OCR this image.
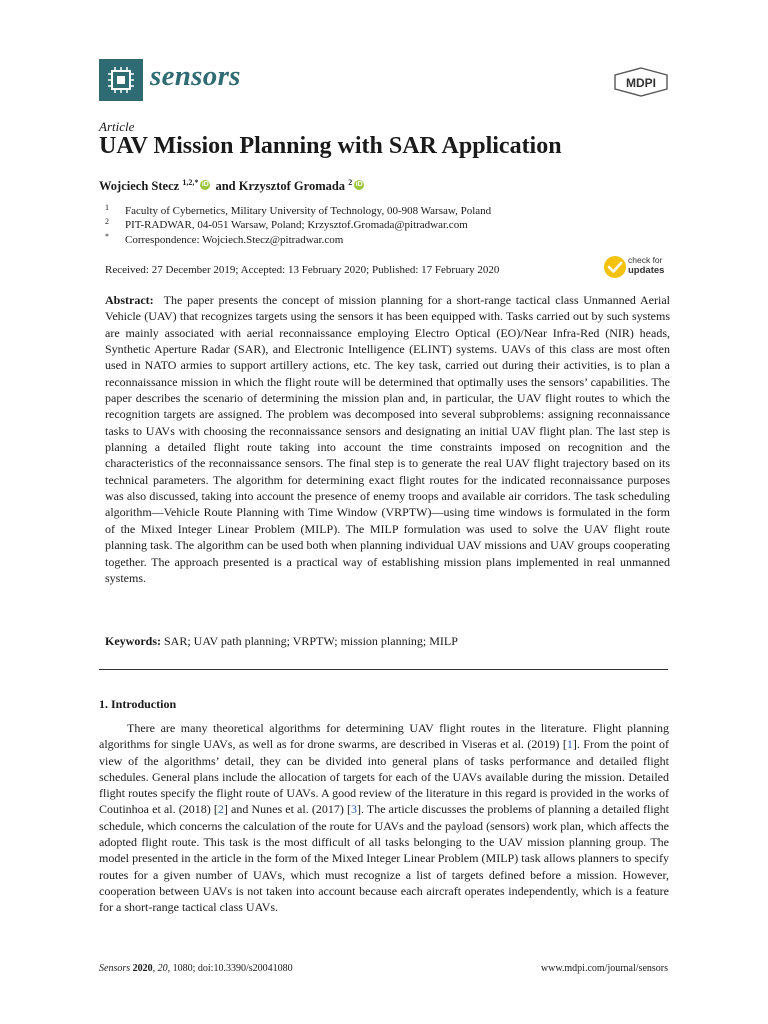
sensors	MDPI
Article
UAV Mission Planning with SAR Application
Wojciech Stecz $^{1,2,*}$ iD and Krzysztof Gromada $^2$ iD
1 Faculty of Cybernetics, Military University of Technology, 00-908 Warsaw, Poland
2 PIT-RADWAR, 04-051 Warsaw, Poland; Krzysztof.Gromada@pitradwar.com
* Correspondence: Wojciech.Stecz@pitradwar.com
Received: 27 December 2019; Accepted: 13 February 2020; Published: 17 February 2020
check for
updates

Abstract: The paper presents the concept of mission planning for a short-range tactical class Unmanned Aerial Vehicle (UAV) that recognizes targets using the sensors it has been equipped with. Tasks carried out by such systems are mainly associated with aerial reconnaissance employing Electro Optical (EO)/Near Infra-Red (NIR) heads, Synthetic Aperture Radar (SAR), and Electronic Intelligence (ELINT) systems. UAVs of this class are most often used in NATO armies to support artillery actions, etc. The key task, carried out during their activities, is to plan a reconnaissance mission in which the flight route will be determined that optimally uses the sensors’ capabilities. The paper describes the scenario of determining the mission plan and, in particular, the UAV flight routes to which the recognition targets are assigned. The problem was decomposed into several subproblems: assigning reconnaissance tasks to UAVs with choosing the reconnaissance sensors and designating an initial UAV flight plan. The last step is planning a detailed flight route taking into account the time constraints imposed on recognition and the characteristics of the reconnaissance sensors. The final step is to generate the real UAV flight trajectory based on its technical parameters. The algorithm for determining exact flight routes for the indicated reconnaissance purposes was also discussed, taking into account the presence of enemy troops and available air corridors. The task scheduling algorithm—Vehicle Route Planning with Time Window (VRPTW)—using time windows is formulated in the form of the Mixed Integer Linear Problem (MILP). The MILP formulation was used to solve the UAV flight route planning task. The algorithm can be used both when planning individual UAV missions and UAV groups cooperating together. The approach presented is a practical way of establishing mission plans implemented in real unmanned systems.

Keywords: SAR; UAV path planning; VRPTW; mission planning; MILP
1. Introduction

There are many theoretical algorithms for determining UAV flight routes in the literature. Flight planning algorithms for single UAVs, as well as for drone swarms, are described in Viseras et al. (2019) [1]. From the point of view of the algorithms’ detail, they can be divided into general plans of tasks performance and detailed flight schedules. General plans include the allocation of targets for each of the UAVs available during the mission. Detailed flight routes specify the flight route of UAVs. A good review of the literature in this regard is provided in the works of Coutinhoa et al. (2018) [2] and Nunes et al. (2017) [3]. The article discusses the problems of planning a detailed flight schedule, which concerns the calculation of the route for UAVs and the payload (sensors) work plan, which affects the adopted flight route. This task is the most difficult of all tasks belonging to the UAV mission planning group. The model presented in the article in the form of the Mixed Integer Linear Problem (MILP) task allows planners to specify routes for a given number of UAVs, which must recognize a list of targets defined before a mission. However, cooperation between UAVs is not taken into account because each aircraft operates independently, which is a feature for a short-range tactical class UAVs.

Sensors 2020, 20, 1080; doi:10.3390/s20041080	www.mdpi.com/journal/sensors
